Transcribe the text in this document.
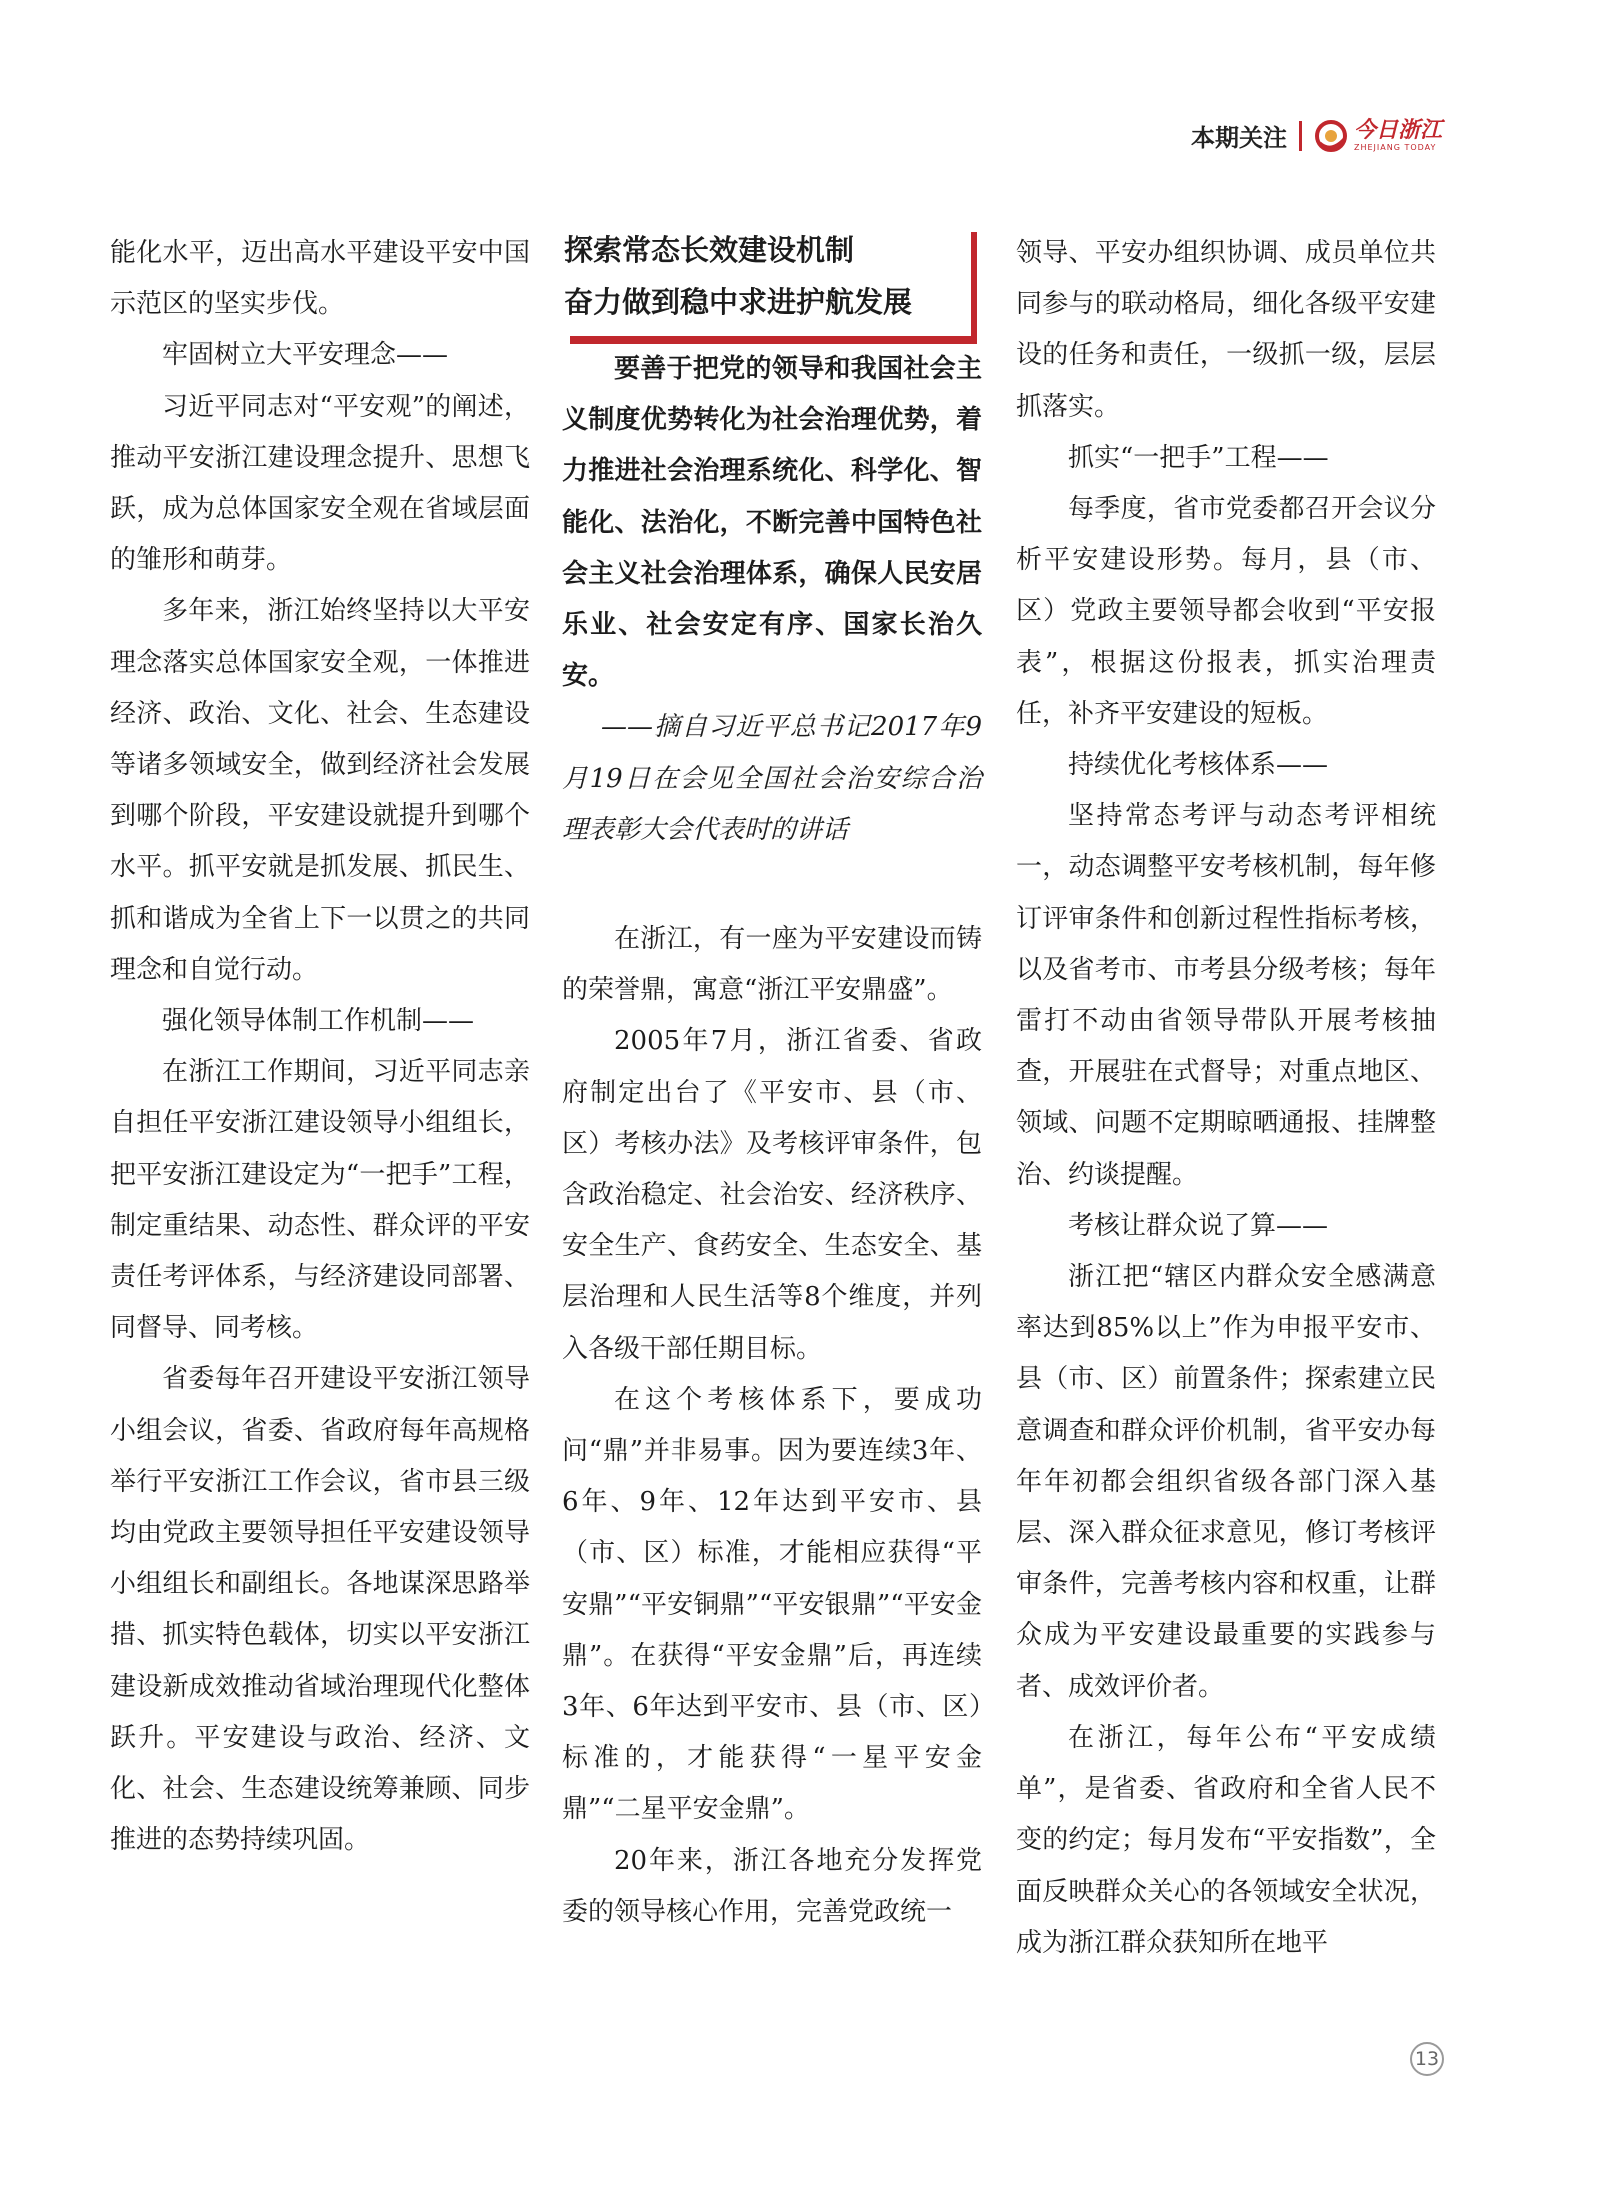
本期关注	今日浙江
ZHEJIANG TODAY

能化水平，迈出高水平建设平安中国示范区的坚实步伐。

牢固树立大平安理念——

习近平同志对“平安观”的阐述，推动平安浙江建设理念提升、思想飞跃，成为总体国家安全观在省域层面的雏形和萌芽。

多年来，浙江始终坚持以大平安理念落实总体国家安全观，一体推进经济、政治、文化、社会、生态建设等诸多领域安全，做到经济社会发展到哪个阶段，平安建设就提升到哪个水平。抓平安就是抓发展、抓民生、抓和谐成为全省上下一以贯之的共同理念和自觉行动。

强化领导体制工作机制——

在浙江工作期间，习近平同志亲自担任平安浙江建设领导小组组长，把平安浙江建设定为“一把手”工程，制定重结果、动态性、群众评的平安责任考评体系，与经济建设同部署、同督导、同考核。

省委每年召开建设平安浙江领导小组会议，省委、省政府每年高规格举行平安浙江工作会议，省市县三级均由党政主要领导担任平安建设领导小组组长和副组长。各地谋深思路举措、抓实特色载体，切实以平安浙江建设新成效推动省域治理现代化整体跃升。平安建设与政治、经济、文化、社会、生态建设统筹兼顾、同步推进的态势持续巩固。

探索常态长效建设机制
奋力做到稳中求进护航发展

要善于把党的领导和我国社会主义制度优势转化为社会治理优势，着力推进社会治理系统化、科学化、智能化、法治化，不断完善中国特色社会主义社会治理体系，确保人民安居乐业、社会安定有序、国家长治久安。

——摘自习近平总书记2017年9月19日在会见全国社会治安综合治理表彰大会代表时的讲话

在浙江，有一座为平安建设而铸的荣誉鼎，寓意“浙江平安鼎盛”。

2005年7月，浙江省委、省政府制定出台了《平安市、县（市、区）考核办法》及考核评审条件，包含政治稳定、社会治安、经济秩序、安全生产、食药安全、生态安全、基层治理和人民生活等8个维度，并列入各级干部任期目标。

在这个考核体系下，要成功问“鼎”并非易事。因为要连续3年、6年、9年、12年达到平安市、县（市、区）标准，才能相应获得“平安鼎”“平安铜鼎”“平安银鼎”“平安金鼎”。在获得“平安金鼎”后，再连续3年、6年达到平安市、县（市、区）标准的，才能获得“一星平安金鼎”“二星平安金鼎”。

20年来，浙江各地充分发挥党委的领导核心作用，完善党政统一

领导、平安办组织协调、成员单位共同参与的联动格局，细化各级平安建设的任务和责任，一级抓一级，层层抓落实。

抓实“一把手”工程——

每季度，省市党委都召开会议分析平安建设形势。每月，县（市、区）党政主要领导都会收到“平安报表”，根据这份报表，抓实治理责任，补齐平安建设的短板。

持续优化考核体系——

坚持常态考评与动态考评相统一，动态调整平安考核机制，每年修订评审条件和创新过程性指标考核，以及省考市、市考县分级考核；每年雷打不动由省领导带队开展考核抽查，开展驻在式督导；对重点地区、领域、问题不定期晾晒通报、挂牌整治、约谈提醒。

考核让群众说了算——

浙江把“辖区内群众安全感满意率达到85%以上”作为申报平安市、县（市、区）前置条件；探索建立民意调查和群众评价机制，省平安办每年年初都会组织省级各部门深入基层、深入群众征求意见，修订考核评审条件，完善考核内容和权重，让群众成为平安建设最重要的实践参与者、成效评价者。

在浙江，每年公布“平安成绩单”，是省委、省政府和全省人民不变的约定；每月发布“平安指数”，全面反映群众关心的各领域安全状况，成为浙江群众获知所在地平

13
